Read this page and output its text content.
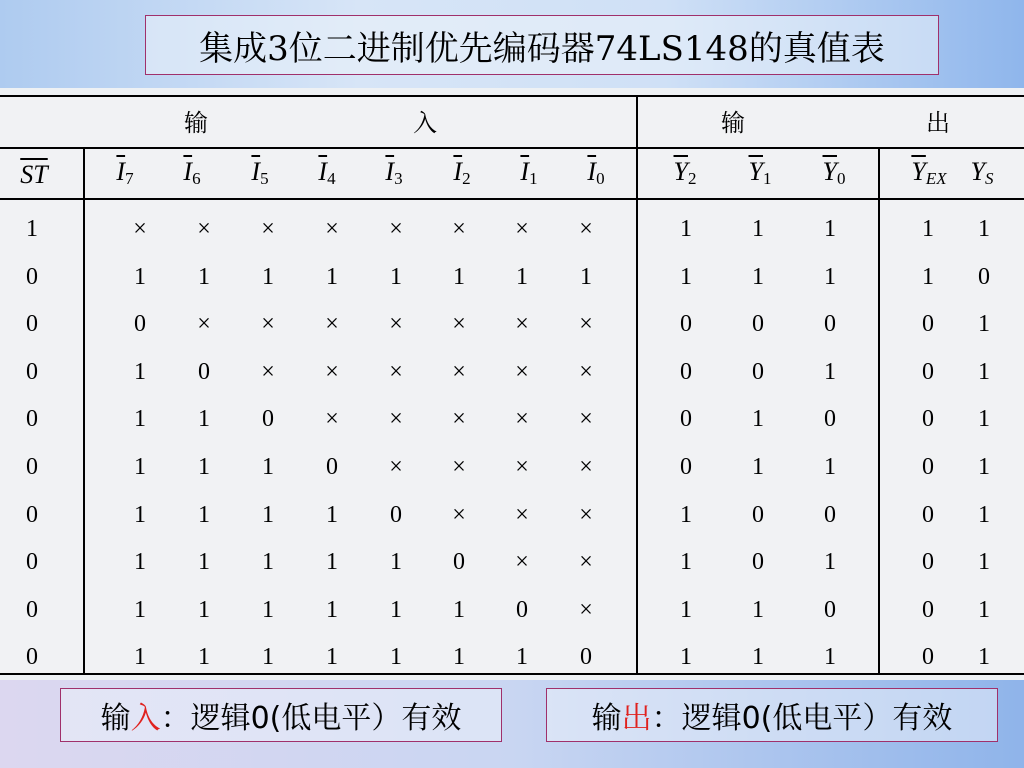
集成3位二进制优先编码器74LS148的真值表
输	入	输	出
$\overline{ST}$	$\overline{I}_7$ $\overline{I}_6$ $\overline{I}_5$ $\overline{I}_4$ $\overline{I}_3$ $\overline{I}_2$ $\overline{I}_1$ $\overline{I}_0$	$\overline{Y}_2$ $\overline{Y}_1$ $\overline{Y}_0$	$\overline{Y}_{EX}$ $Y_S$
1	× × × × × × × ×	1	1	1	1 1
0	1 1 1 1 1 1 1 1	1	1	1	1 0
0	0 × × × × × × ×	0	0	0	0 1
0	1 0 × × × × × ×	0	0	1	0 1
0	1 1 0 × × × × ×	0	1	0	0 1
0	1 1 1 0 × × × ×	0	1	1	0 1
0	1 1 1 1 0 × × ×	1	0	0	0 1
0	1 1 1 1 1 0 × ×	1	0	1	0 1
0	1 1 1 1 1 1 0 ×	1	1	0	0 1
0	1 1 1 1 1 1 1 0	1	1	1	0 1
输 入 ：逻辑0(低电平）有效	输 出 ：逻辑0(低电平）有效
